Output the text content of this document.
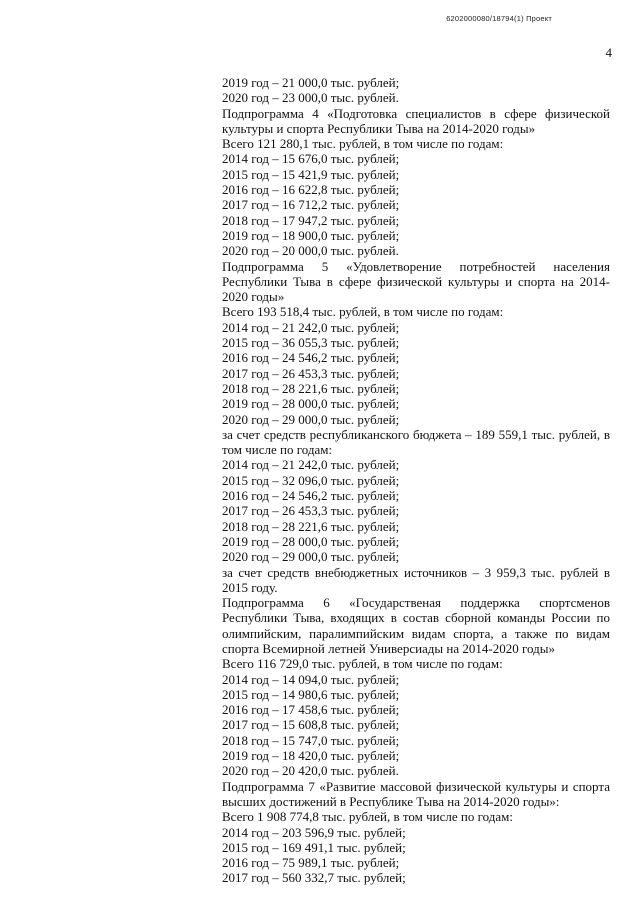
6202000080/18794(1) Проект
4

2019 год – 21 000,0 тыс. рублей;

2020 год – 23 000,0 тыс. рублей.

Подпрограмма 4 «Подготовка специалистов в сфере физической культуры и спорта Республики Тыва на 2014-2020 годы»

Всего 121 280,1 тыс. рублей, в том числе по годам:

2014 год – 15 676,0 тыс. рублей;

2015 год – 15 421,9 тыс. рублей;

2016 год – 16 622,8 тыс. рублей;

2017 год – 16 712,2 тыс. рублей;

2018 год – 17 947,2 тыс. рублей;

2019 год – 18 900,0 тыс. рублей;

2020 год – 20 000,0 тыс. рублей.

Подпрограмма 5 «Удовлетворение потребностей населения Республики Тыва в сфере физической культуры и спорта на 2014-2020 годы»

Всего 193 518,4 тыс. рублей, в том числе по годам:

2014 год – 21 242,0 тыс. рублей;

2015 год – 36 055,3 тыс. рублей;

2016 год – 24 546,2 тыс. рублей;

2017 год – 26 453,3 тыс. рублей;

2018 год – 28 221,6 тыс. рублей;

2019 год – 28 000,0 тыс. рублей;

2020 год – 29 000,0 тыс. рублей;

за счет средств республиканского бюджета – 189 559,1 тыс. рублей, в том числе по годам:

2014 год – 21 242,0 тыс. рублей;

2015 год – 32 096,0 тыс. рублей;

2016 год – 24 546,2 тыс. рублей;

2017 год – 26 453,3 тыс. рублей;

2018 год – 28 221,6 тыс. рублей;

2019 год – 28 000,0 тыс. рублей;

2020 год – 29 000,0 тыс. рублей;

за счет средств внебюджетных источников – 3 959,3 тыс. рублей в 2015 году.

Подпрограмма 6 «Государственая поддержка спортсменов Республики Тыва, входящих в состав сборной команды России по олимпийским, паралимпийским видам спорта, а также по видам спорта Всемирной летней Универсиады на 2014-2020 годы»

Всего 116 729,0 тыс. рублей, в том числе по годам:

2014 год – 14 094,0 тыс. рублей;

2015 год – 14 980,6 тыс. рублей;

2016 год – 17 458,6 тыс. рублей;

2017 год – 15 608,8 тыс. рублей;

2018 год – 15 747,0 тыс. рублей;

2019 год – 18 420,0 тыс. рублей;

2020 год – 20 420,0 тыс. рублей.

Подпрограмма 7 «Развитие массовой физической культуры и спорта высших достижений в Республике Тыва на 2014-2020 годы»:

Всего 1 908 774,8 тыс. рублей, в том числе по годам:

2014 год – 203 596,9 тыс. рублей;

2015 год – 169 491,1 тыс. рублей;

2016 год – 75 989,1 тыс. рублей;

2017 год – 560 332,7 тыс. рублей;
